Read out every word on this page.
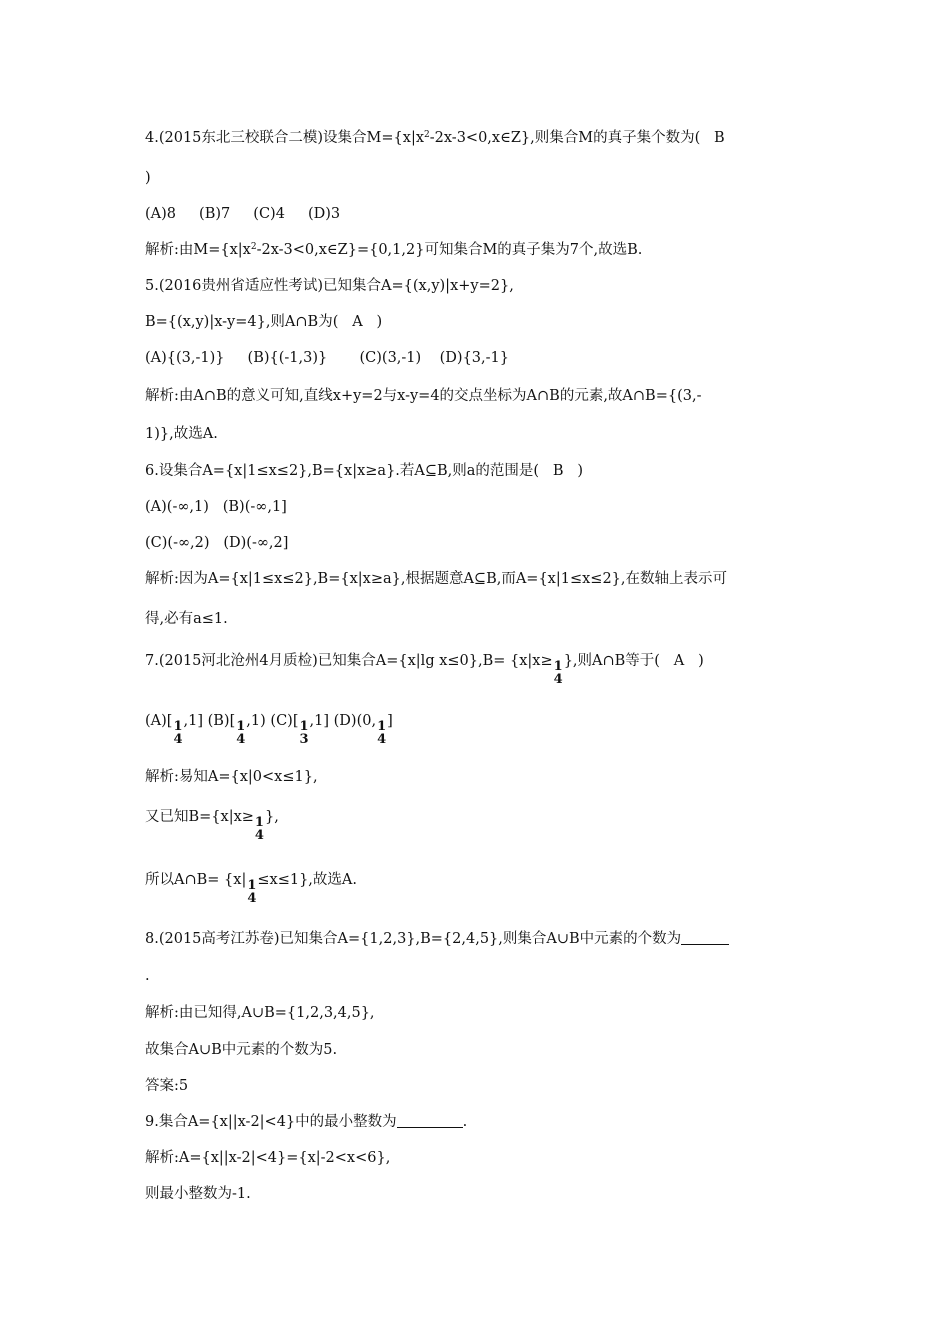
4.(2015东北三校联合二模)设集合$M=\{x|x^2-2x-3<0,x\in Z\}$,则集合M的真子集个数为(   B
)
(A)8     (B)7     (C)4     (D)3
解析:由$M=\{x|x^2-2x-3<0,x\in Z\}=\{0,1,2\}$可知集合M的真子集为7个,故选B.
5.(2016贵州省适应性考试)已知集合A={(x,y)|x+y=2},
B={(x,y)|x-y=4},则A∩B为(   A   )
(A){(3,-1)}     (B){(-1,3)}       (C)(3,-1)    (D){3,-1}
解析:由A∩B的意义可知,直线x+y=2与x-y=4的交点坐标为A∩B的元素,故A∩B={(3,-
1)},故选A.
6.设集合A={x|1≤x≤2},B={x|x≥a}.若A⊆B,则a的范围是(   B   )
(A)(-∞,1)   (B)(-∞,1]
(C)(-∞,2)   (D)(-∞,2]
解析:因为A={x|1≤x≤2},B={x|x≥a},根据题意A⊆B,而A={x|1≤x≤2},在数轴上表示可
得,必有a≤1.
7.(2015河北沧州4月质检)已知集合A={x|lg x≤0},B= {x|x≥ 1
4
},则A∩B等于(   A   )
(A)[ 1
4
,1] (B)[ 1
4
,1) (C)[ 1
3
,1] (D)(0, 1
4
]
解析:易知A={x|0<x≤1},
又已知B={x|x≥ 1
4
},
所以A∩B= {x| 1
4
≤x≤1},故选A.
8.(2015高考江苏卷)已知集合A={1,2,3},B={2,4,5},则集合A∪B中元素的个数为
.
解析:由已知得,A∪B={1,2,3,4,5},
故集合A∪B中元素的个数为5.
答案:5
9.集合A={x||x-2|<4}中的最小整数为	.
解析:A={x||x-2|<4}={x|-2<x<6},
则最小整数为-1.
